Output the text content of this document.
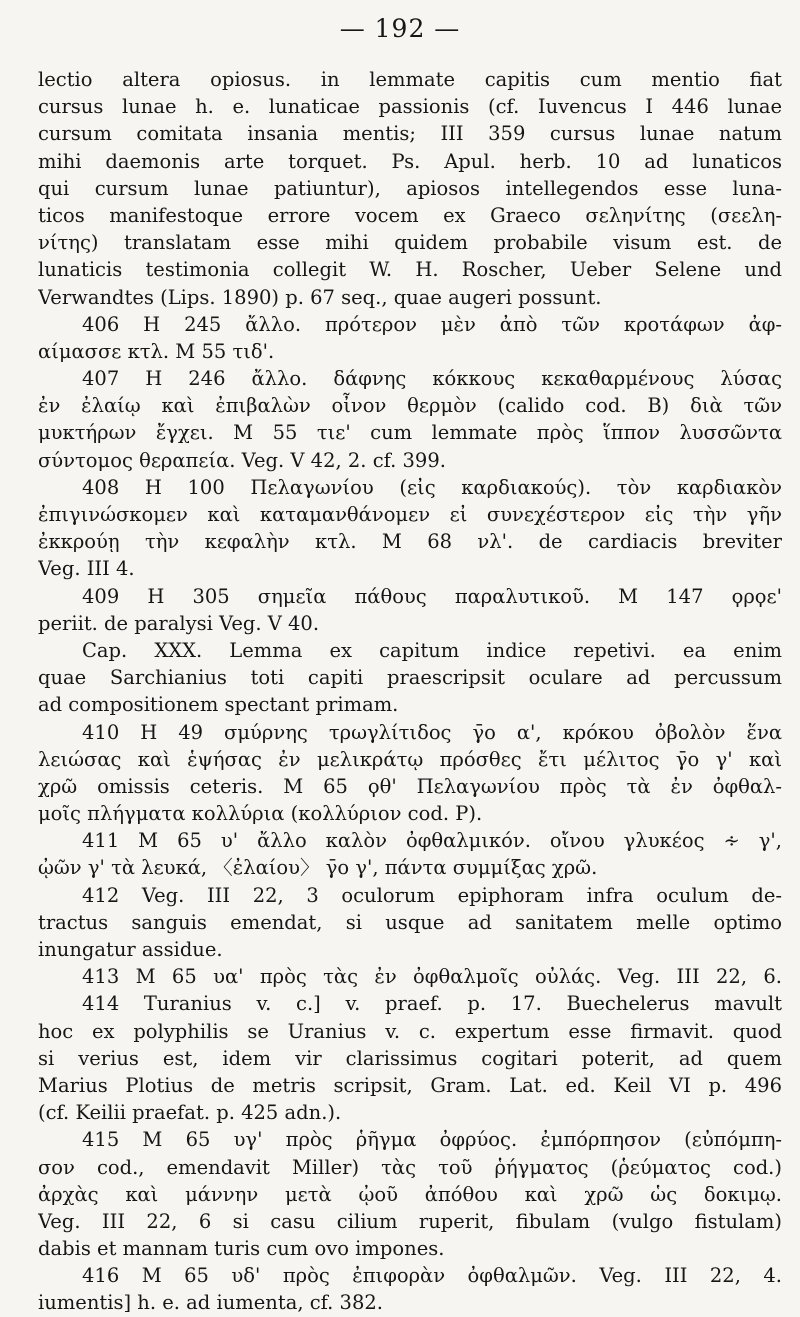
— 192 —
lectio altera opiosus. in lemmate capitis cum mentio fiat
cursus lunae h. e. lunaticae passionis (cf. Iuvencus I 446 lunae
cursum comitata insania mentis; III 359 cursus lunae natum
mihi daemonis arte torquet. Ps. Apul. herb. 10 ad lunaticos
qui cursum lunae patiuntur), apiosos intellegendos esse luna-
ticos manifestoque errore vocem ex Graeco σεληνίτης (σεελη-
νίτης) translatam esse mihi quidem probabile visum est. de
lunaticis testimonia collegit W. H. Roscher, Ueber Selene und
Verwandtes (Lips. 1890) p. 67 seq., quae augeri possunt.
406 H 245 ἄλλο. πρότερον μὲν ἀπὸ τῶν κροτάφων ἀφ-
αίμασσε κτλ. M 55 τιδ'.
407 H 246 ἄλλο. δάφνης κόκκους κεκαθαρμένους λύσας
ἐν ἐλαίῳ καὶ ἐπιβαλὼν οἶνον θερμὸν (calido cod. B) διὰ τῶν
μυκτήρων ἔγχει. M 55 τιε' cum lemmate πρὸς ἵππον λυσσῶντα
σύντομος θεραπεία. Veg. V 42, 2. cf. 399.
408 H 100 Πελαγωνίου (εἰς καρδιακούς). τὸν καρδιακὸν
ἐπιγινώσκομεν καὶ καταμανθάνομεν εἰ συνεχέστερον εἰς τὴν γῆν
ἐκκρούῃ τὴν κεφαλὴν κτλ. M 68 νλ'. de cardiacis breviter
Veg. III 4.
409 H 305 σημεῖα πάθους παραλυτικοῦ. M 147 ϙρϙε'
periit. de paralysi Veg. V 40.
Cap. XXX. Lemma ex capitum indice repetivi. ea enim
quae Sarchianius toti capiti praescripsit oculare ad percussum
ad compositionem spectant primam.
410 H 49 σμύρνης τρωγλίτιδος γ̄ο α', κρόκου ὀβολὸν ἕνα
λειώσας καὶ ἑψήσας ἐν μελικράτῳ πρόσθες ἔτι μέλιτος γ̄ο γ' καὶ
χρῶ omissis ceteris. M 65 ϙθ' Πελαγωνίου πρὸς τὰ ἐν ὀφθαλ-
μοῖς πλήγματα κολλύρια (κολλύριον cod. P).
411 M 65 υ' ἄλλο καλὸν ὀφθαλμικόν. οἴνου γλυκέος ∻ γ',
ᾠῶν γ' τὰ λευκά, 〈ἐλαίου〉 γ̄ο γ', πάντα συμμίξας χρῶ.
412 Veg. III 22, 3 oculorum epiphoram infra oculum de-
tractus sanguis emendat, si usque ad sanitatem melle optimo
inungatur assidue.
413 M 65 υα' πρὸς τὰς ἐν ὀφθαλμοῖς οὐλάς. Veg. III 22, 6.
414 Turanius v. c.] v. praef. p. 17. Buechelerus mavult
hoc ex polyphilis se Uranius v. c. expertum esse firmavit. quod
si verius est, idem vir clarissimus cogitari poterit, ad quem
Marius Plotius de metris scripsit, Gram. Lat. ed. Keil VI p. 496
(cf. Keilii praefat. p. 425 adn.).
415 M 65 υγ' πρὸς ῥῆγμα ὀφρύος. ἐμπόρπησον (εὐπόμπη-
σον cod., emendavit Miller) τὰς τοῦ ῥήγματος (ῥεύματος cod.)
ἀρχὰς καὶ μάννην μετὰ ᾠοῦ ἀπόθου καὶ χρῶ ὡς δοκιμῳ.
Veg. III 22, 6 si casu cilium ruperit, fibulam (vulgo fistulam)
dabis et mannam turis cum ovo impones.
416 M 65 υδ' πρὸς ἐπιφορὰν ὀφθαλμῶν. Veg. III 22, 4.
iumentis] h. e. ad iumenta, cf. 382.
